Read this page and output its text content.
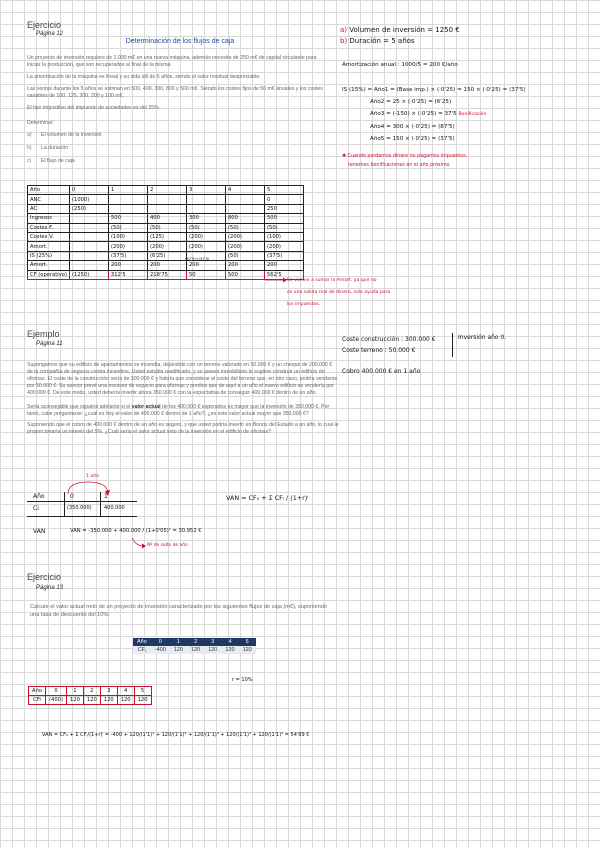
Ejercicio
Página 12
Determinación de los flujos de caja
Un proyecto de inversión requiere de 1.000 m€ en una nueva máquina, además necesita de 250 m€ de capital circulante para iniciar la producción, que son recuperados al final de la misma.
La amortización de la máquina es lineal y su vida útil de 5 años, siendo el valor residual despreciable.
Las ventas durante los 5 años se estiman en 500, 400, 300, 800 y 500 m€. Siendo los costes fijos de 50 m€ anuales y los costes variables de 100, 125, 200, 200 y 100 m€.
El tipo impositivo del impuesto de sociedades es del 25%.
Determinar:
a) El volumen de la inversión
b) La duración
c) El flujo de caja
a) Volumen de inversión = 1250 €
b) Duración = 5 años
Amortización anual : 1000/5 = 200 €/año
IS (15%) = Año1 = (Base imp.) × (·0'25) = 150 × (·0'25) = (37'5)
Año2 = 25 × (·0'25) = (6'25)
Año3 = (-150) × (·0'25) = 37'5 Bonificación
Año4 = 300 × (·0'25) = (87'5)
Año5 = 150 × (·0'25) = (37'5)
✱ Cuando perdemos dinero no pagamos impuestos,
tenemos bonificaciones en el año próximo
Año	0	1	2	3	4	5
ANC	(1000)					0
AC	(250)					250
Ingresos		500	400	300	800	500
Costes F.		(50)	(50)	(50)	(50)	(50)
Costes V.		(100)	(125)	(200)	(200)	(100)
Amort.		(200)	(200)	(200)	(200)	(200)
IS (25%)		(37'5)	(6'25)		(50)	(37'5)
Amort.		200	200	200	200	200
CF (operativo)	(1250)	312'5	218'75	50	500	562'5
(87'5)+(37'5)
Se vuelve a sumar la Amort. ya que no
es una salida real de dinero, solo ayuda para
los impuestos.
Ejemplo
Página 11
Supongamos que su edificio de apartamentos se incendia, dejándole con un terreno valorado en 50.000 € y un cheque de 200.000 € de la compañía de seguros contra incendios. Usted estudia reedificarlo, y su asesor inmobiliario le sugiere construir un edificio de oficinas. El coste de la construcción sería de 300.000 € y habría que considerar el coste del terreno que, en otro caso, podría venderse por 50.000 €. Su asesor prevé una escasez de espacio para oficinas y predice que de aquí a un año el nuevo edificio se vendería por 400.000 €. De este modo, usted debería invertir ahora 350.000 € con la expectativa de conseguir 400.000 € dentro de un año.
Sería aconsejable que siguiera adelante si el valor actual de los 400.000 € esperados es mayor que la inversión de 350.000 €. Por tanto, cabe preguntarse: ¿cuál es hoy el valor de 400.000 € dentro de 1 año?, ¿es este valor actual mayor que 350.000 €?
Suponiendo que el cobro de 400.000 € dentro de un año es seguro, y que usted podría invertir en Bonos del Estado a un año, lo cual le proporcionaría un interés del 5%. ¿Cuál sería el valor actual neto de la inversión en el edificio de oficinas?
Coste construcción : 300.000 €
Coste terreno : 50.000 €
Inversión año 0.
Cobro 400.000 € en 1 año
1 año
Año	0	1
Ci	(350.000) 400.000
VAN	VAN = -350.000 + 400.000 / (1+0'05)¹ = 30.952 €
Nº de salto de año
VAN = CF₀ + Σ CFᵢ / (1+r)ⁱ
Ejercicio
Página 13
Calcule el valor actual neto de un proyecto de inversión caracterizado por los siguientes flujos de caja (m€), suponiendo una tasa de descuento del 10%:
Año	0	1	2	3	4	5
CFⱼ	-400	120	120	120	120	120
r = 10%
Año	0	1	2	3	4	5
CFi	(400)	120	120	120	120	120
VAN = CF₀ + Σ CFᵢ/(1+r)ⁱ = -400 + 120/(1'1)¹ + 120/(1'1)² + 120/(1'1)³ + 120/(1'1)⁴ + 120/(1'1)⁵ = 54'89 €
